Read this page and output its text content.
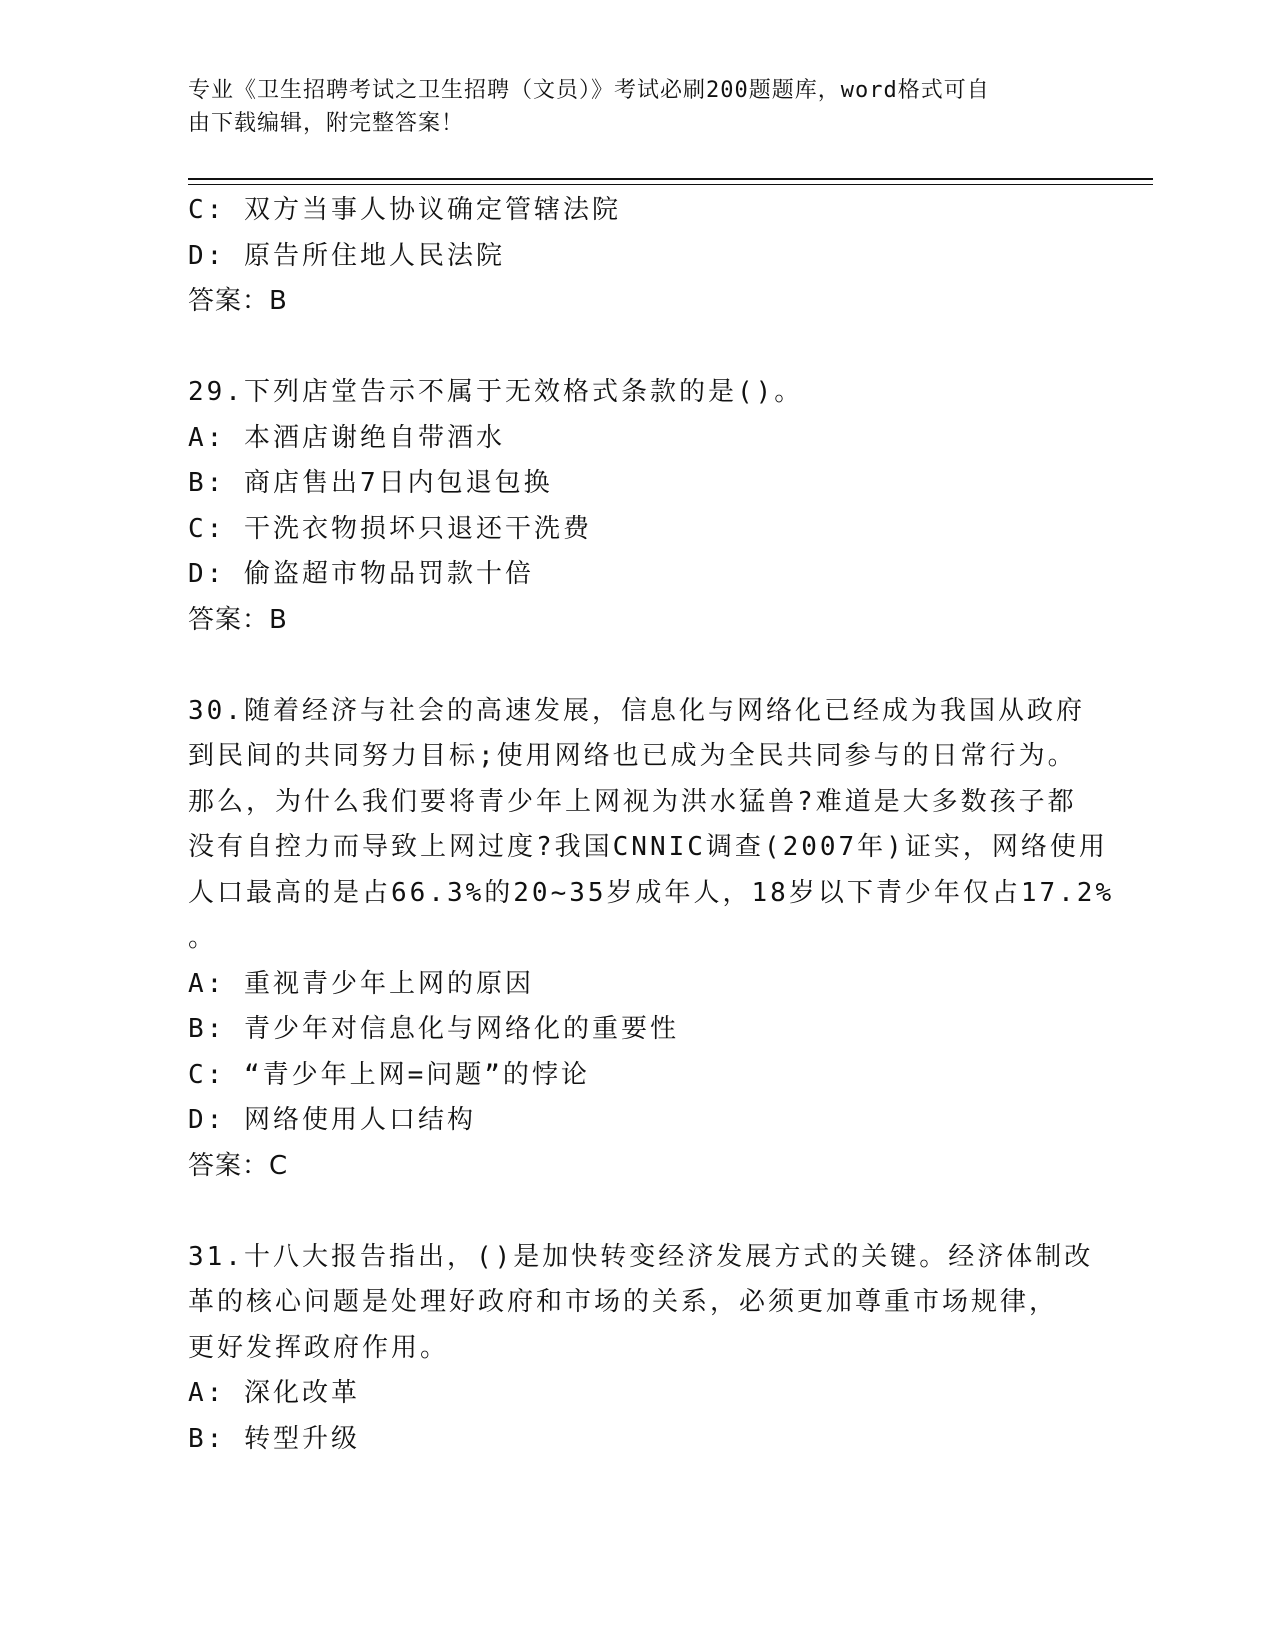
专业《卫生招聘考试之卫生招聘（文员）》考试必刷200题题库，word格式可自
由下载编辑，附完整答案！
C: 双方当事人协议确定管辖法院
D: 原告所住地人民法院
答案：B
29.下列店堂告示不属于无效格式条款的是()。
A: 本酒店谢绝自带酒水
B: 商店售出7日内包退包换
C: 干洗衣物损坏只退还干洗费
D: 偷盗超市物品罚款十倍
答案：B
30.随着经济与社会的高速发展，信息化与网络化已经成为我国从政府
到民间的共同努力目标;使用网络也已成为全民共同参与的日常行为。
那么，为什么我们要将青少年上网视为洪水猛兽?难道是大多数孩子都
没有自控力而导致上网过度?我国CNNIC调查(2007年)证实，网络使用
人口最高的是占66.3%的20~35岁成年人，18岁以下青少年仅占17.2%
。
A: 重视青少年上网的原因
B: 青少年对信息化与网络化的重要性
C: “青少年上网=问题”的悖论
D: 网络使用人口结构
答案：C
31.十八大报告指出，()是加快转变经济发展方式的关键。经济体制改
革的核心问题是处理好政府和市场的关系，必须更加尊重市场规律，
更好发挥政府作用。
A: 深化改革
B: 转型升级
